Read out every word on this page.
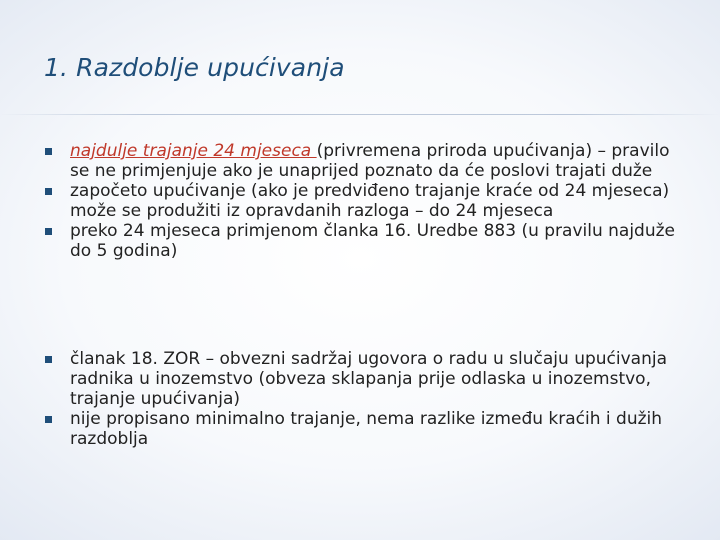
1. Razdoblje upućivanja
najdulje trajanje 24 mjeseca (privremena priroda upućivanja) – pravilo se ne primjenjuje ako je unaprijed poznato da će poslovi trajati duže
započeto upućivanje (ako je predviđeno trajanje kraće od 24 mjeseca) može se produžiti iz opravdanih razloga – do 24 mjeseca
preko 24 mjeseca primjenom članka 16. Uredbe 883 (u pravilu najduže do 5 godina)
članak 18. ZOR – obvezni sadržaj ugovora o radu u slučaju upućivanja radnika u inozemstvo (obveza sklapanja prije odlaska u inozemstvo, trajanje upućivanja)
nije propisano minimalno trajanje, nema razlike između kraćih i dužih razdoblja
